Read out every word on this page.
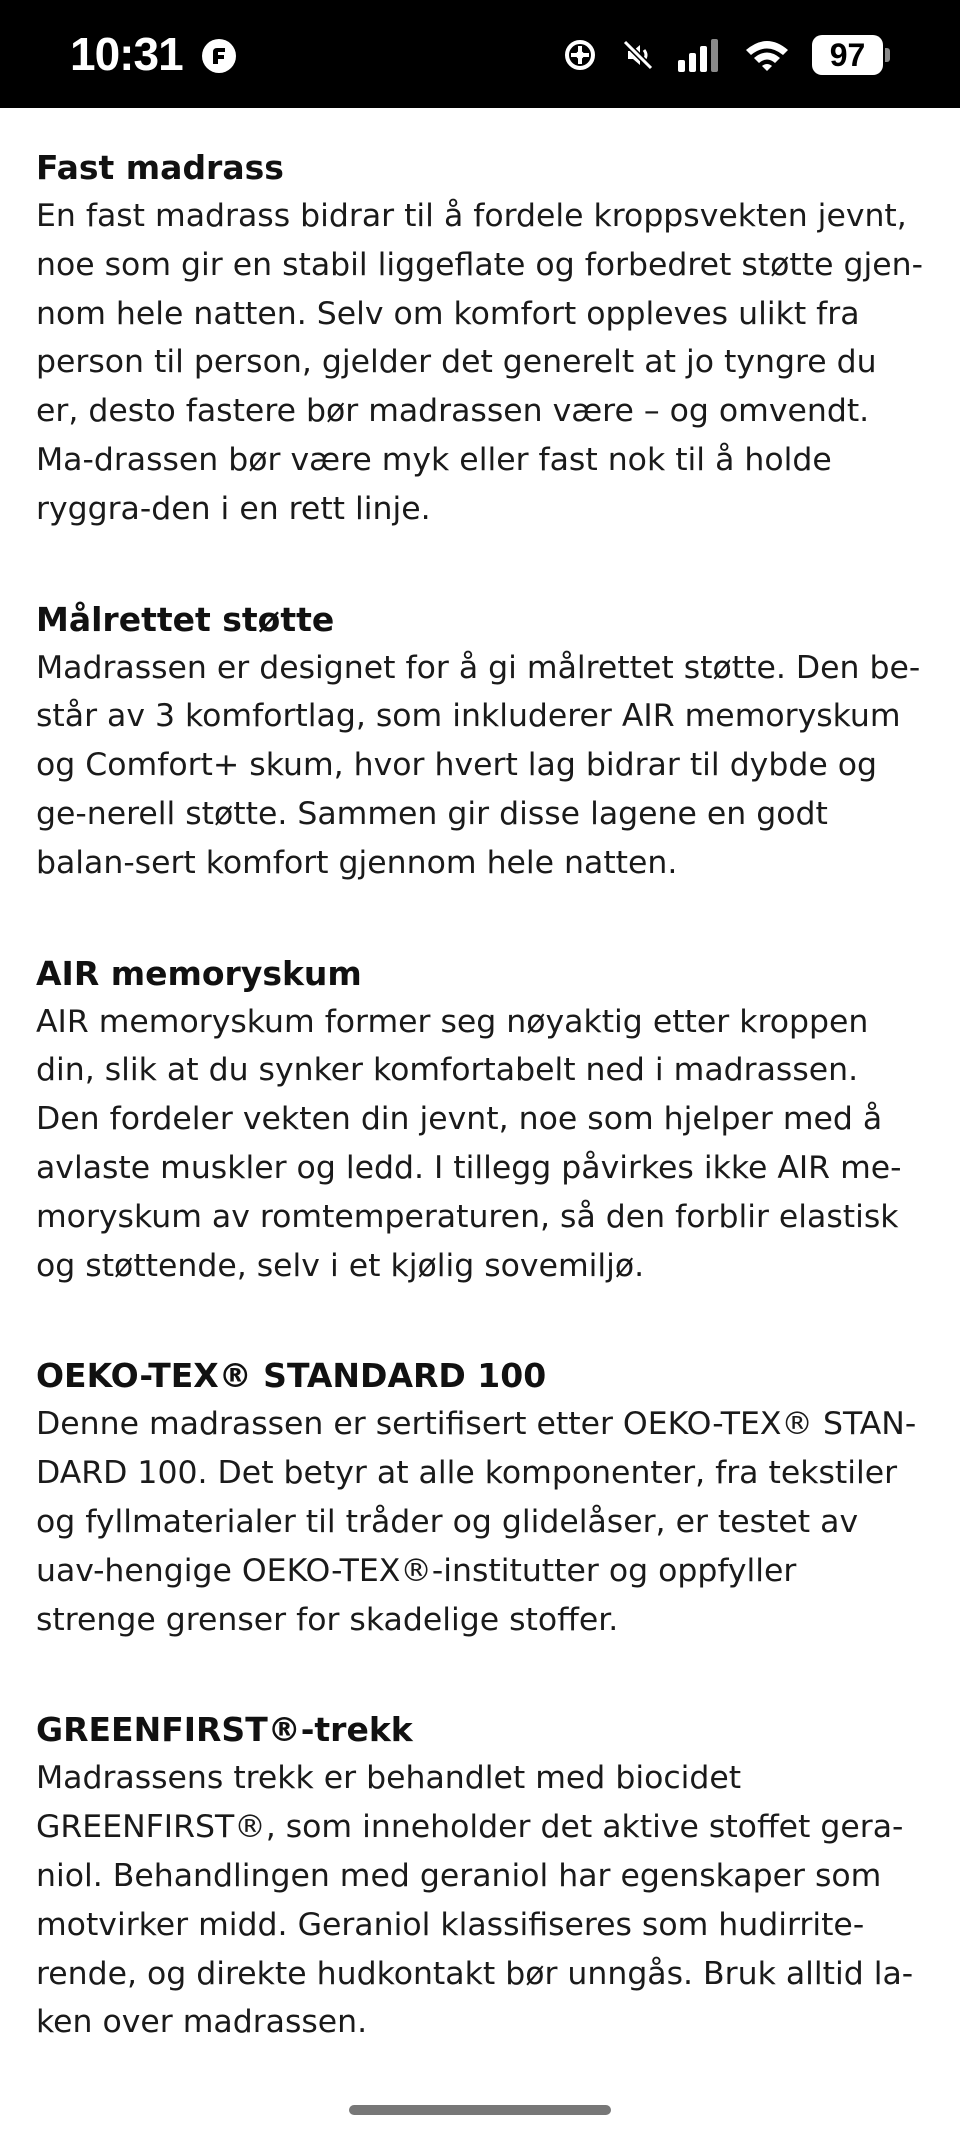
10:31	97
Fast madrass

En fast madrass bidrar til å fordele kroppsvekten jevnt, noe som gir en stabil liggeflate og forbedret støtte gjen-nom hele natten. Selv om komfort oppleves ulikt fra person til person, gjelder det generelt at jo tyngre du er, desto fastere bør madrassen være – og omvendt. Ma-drassen bør være myk eller fast nok til å holde ryggra-den i en rett linje.

Målrettet støtte

Madrassen er designet for å gi målrettet støtte. Den be-står av 3 komfortlag, som inkluderer AIR memoryskum og Comfort+ skum, hvor hvert lag bidrar til dybde og ge-nerell støtte. Sammen gir disse lagene en godt balan-sert komfort gjennom hele natten.

AIR memoryskum

AIR memoryskum former seg nøyaktig etter kroppen din, slik at du synker komfortabelt ned i madrassen. Den fordeler vekten din jevnt, noe som hjelper med å avlaste muskler og ledd. I tillegg påvirkes ikke AIR me-moryskum av romtemperaturen, så den forblir elastisk og støttende, selv i et kjølig sovemiljø.

OEKO-TEX® STANDARD 100

Denne madrassen er sertifisert etter OEKO-TEX® STAN-DARD 100. Det betyr at alle komponenter, fra tekstiler og fyllmaterialer til tråder og glidelåser, er testet av uav-hengige OEKO-TEX®-institutter og oppfyller strenge grenser for skadelige stoffer.

GREENFIRST®-trekk

Madrassens trekk er behandlet med biocidet GREENFIRST®, som inneholder det aktive stoffet gera-niol. Behandlingen med geraniol har egenskaper som motvirker midd. Geraniol klassifiseres som hudirrite-rende, og direkte hudkontakt bør unngås. Bruk alltid la-ken over madrassen.
